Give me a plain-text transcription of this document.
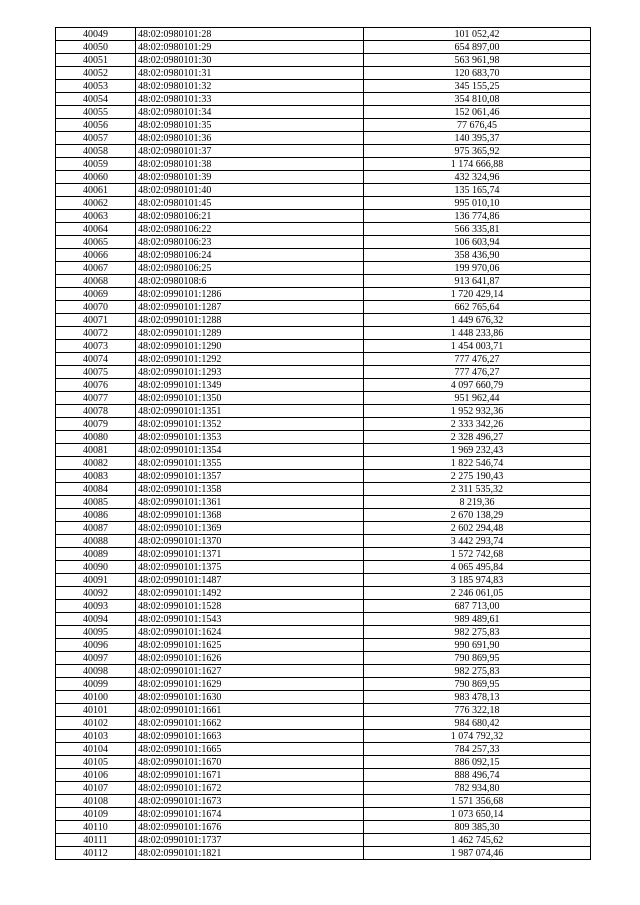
40049	48:02:0980101:28	101 052,42
40050	48:02:0980101:29	654 897,00
40051	48:02:0980101:30	563 961,98
40052	48:02:0980101:31	120 683,70
40053	48:02:0980101:32	345 155,25
40054	48:02:0980101:33	354 810,08
40055	48:02:0980101:34	152 061,46
40056	48:02:0980101:35	77 676,45
40057	48:02:0980101:36	140 395,37
40058	48:02:0980101:37	975 365,92
40059	48:02:0980101:38	1 174 666,88
40060	48:02:0980101:39	432 324,96
40061	48:02:0980101:40	135 165,74
40062	48:02:0980101:45	995 010,10
40063	48:02:0980106:21	136 774,86
40064	48:02:0980106:22	566 335,81
40065	48:02:0980106:23	106 603,94
40066	48:02:0980106:24	358 436,90
40067	48:02:0980106:25	199 970,06
40068	48:02:0980108:6	913 641,87
40069	48:02:0990101:1286	1 720 429,14
40070	48:02:0990101:1287	662 765,64
40071	48:02:0990101:1288	1 449 676,32
40072	48:02:0990101:1289	1 448 233,86
40073	48:02:0990101:1290	1 454 003,71
40074	48:02:0990101:1292	777 476,27
40075	48:02:0990101:1293	777 476,27
40076	48:02:0990101:1349	4 097 660,79
40077	48:02:0990101:1350	951 962,44
40078	48:02:0990101:1351	1 952 932,36
40079	48:02:0990101:1352	2 333 342,26
40080	48:02:0990101:1353	2 328 496,27
40081	48:02:0990101:1354	1 969 232,43
40082	48:02:0990101:1355	1 822 546,74
40083	48:02:0990101:1357	2 275 190,43
40084	48:02:0990101:1358	2 311 535,32
40085	48:02:0990101:1361	8 219,36
40086	48:02:0990101:1368	2 670 138,29
40087	48:02:0990101:1369	2 602 294,48
40088	48:02:0990101:1370	3 442 293,74
40089	48:02:0990101:1371	1 572 742,68
40090	48:02:0990101:1375	4 065 495,84
40091	48:02:0990101:1487	3 185 974,83
40092	48:02:0990101:1492	2 246 061,05
40093	48:02:0990101:1528	687 713,00
40094	48:02:0990101:1543	989 489,61
40095	48:02:0990101:1624	982 275,83
40096	48:02:0990101:1625	990 691,90
40097	48:02:0990101:1626	790 869,95
40098	48:02:0990101:1627	982 275,83
40099	48:02:0990101:1629	790 869,95
40100	48:02:0990101:1630	983 478,13
40101	48:02:0990101:1661	776 322,18
40102	48:02:0990101:1662	984 680,42
40103	48:02:0990101:1663	1 074 792,32
40104	48:02:0990101:1665	784 257,33
40105	48:02:0990101:1670	886 092,15
40106	48:02:0990101:1671	888 496,74
40107	48:02:0990101:1672	782 934,80
40108	48:02:0990101:1673	1 571 356,68
40109	48:02:0990101:1674	1 073 650,14
40110	48:02:0990101:1676	809 385,30
40111	48:02:0990101:1737	1 462 745,62
40112	48:02:0990101:1821	1 987 074,46
